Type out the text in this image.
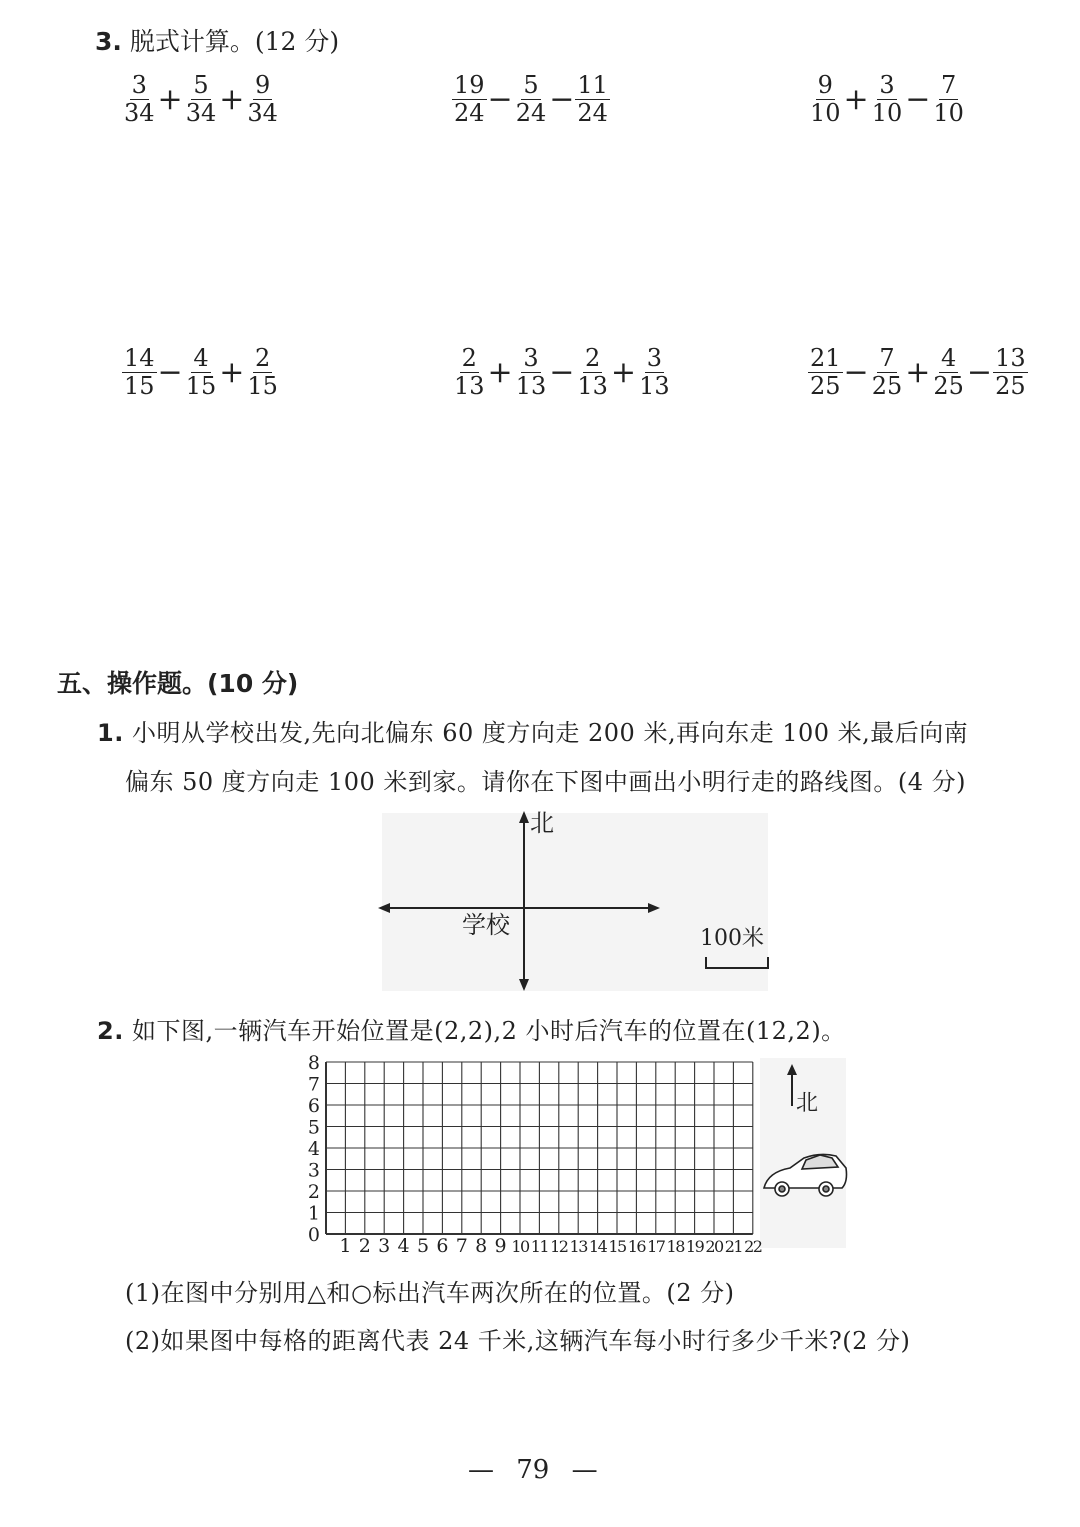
3. 脱式计算。(12 分)
$\frac{3}{34} + \frac{5}{34} + \frac{9}{34}$	$\frac{19}{24} - \frac{5}{24} - \frac{11}{24}$	$\frac{9}{10} + \frac{3}{10} - \frac{7}{10}$
$\frac{14}{15} - \frac{4}{15} + \frac{2}{15}$	$\frac{2}{13} + \frac{3}{13} - \frac{2}{13} + \frac{3}{13}$	$\frac{21}{25} - \frac{7}{25} + \frac{4}{25} - \frac{13}{25}$
五、操作题。(10 分)
1. 小明从学校出发,先向北偏东 60 度方向走 200 米,再向东走 100 米,最后向南
偏东 50 度方向走 100 米到家。请你在下图中画出小明行走的路线图。(4 分)
北
学校	100米
2. 如下图,一辆汽车开始位置是(2,2),2 小时后汽车的位置在(12,2)。
0
1
2
3
4
5
6
7
8
1 2 3 4 5 6 7 8 9 10 11 12 13 14 15 16 17 18 19 20 21 22
北
(1)在图中分别用△和○标出汽车两次所在的位置。(2 分)
(2)如果图中每格的距离代表 24 千米,这辆汽车每小时行多少千米?(2 分)
— 79 —
